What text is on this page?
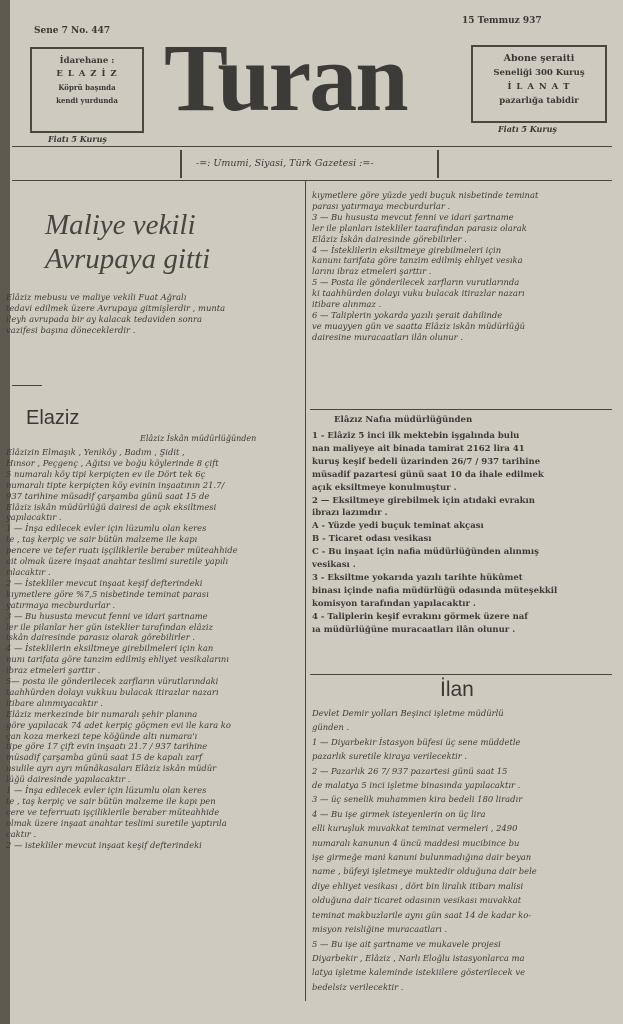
Sene 7 No. 447
15 Temmuz 937
İdarehane :
E L A Z İ Z
Köprü başında
kendi yurdunda
Fiatı 5 Kuruş
Turan	Abone şeraiti
Seneliği 300 Kuruş
İ L A N A T
pazarlığa tabidir
Fiatı 5 Kuruş
-=: Umumi, Siyasi, Türk Gazetesi :=-
Maliye vekili
Avrupaya gitti
Elâziz mebusu ve maliye vekili Fuat Ağralı
tedavi edilmek üzere Avrupaya gitmişlerdir , munta
ileyh avrupada bir ay kalacak tedaviden sonra
vazifesi başına döneceklerdir .
Elaziz
Elâziz İskân müdürlüğünden
Elâzizin Elmaşık , Yeniköy , Badım , Şidit ,
Hınsor , Peçgenç , Ağıtsı ve boğu köylerinde 8 çift
5 numaralı köy tipi kerpiçten ev ile Dört tek 6ç
numaralı tipte kerpiçten köy evinin inşaatının 21.7/
937 tarihine müsadif çarşamba günü saat 15 de
Elâziz iskân müdürlüğü dairesi de açık eksiltmesi
yapılacaktır .
1 — İnşa edilecek evler için lüzumlu olan keres
te , taş kerpiç ve sair bütün malzeme ile kapı
pencere ve tefer ruatı işçiliklerile beraber müteahhide
ait olmak üzere inşaat anahtar teslimi suretile yapılı
rılacaktır .
2 — İstekliler mevcut inşaat keşif defterindeki
kıymetlere göre %7,5 nisbetinde teminat parası
yatırmaya mecburdurlar .
3 — Bu hususta mevcut fenni ve idari şartname
ler ile pilanlar her gün isteklier tarafından elâziz
iskân dairesinde parasız olarak görebilirler .
4 — İsteklilerin eksiltmeye girebilmeleri için kan
nunı tarifata göre tanzim edilmiş ehliyet vesikalarını
ibraz etmeleri şarttır .
5— posta ile gönderilecek zarfların vürutlarındaki
taahhürden dolayı vukkuu bulacak itirazlar nazarı
itibare alınmıyacaktır .
Elâziz merkezinde bir numaralı şehir planına
göre yapılacak 74 adet kerpiç göçmen evi ile kara ko
çan koza merkezi tepe köğünde altı numara'ı
tipe göre 17 çift evin inşaatı 21.7 / 937 tarihine
müsadif çarşamba günü saat 15 de kapalı zarf
usulile ayrı ayrı münâkasaları Elâziz iskân müdür
lüğü dairesinde yapılacaktır .
1 — İnşa edilecek evler için lüzumlu olan keres
te , taş kerpiç ve sair bütün malzeme ile kapı pen
cere ve teferruatı işçiliklerile beraber müteahhide
olmak üzere inşaat anahtar teslimi suretile yaptırıla
caktır .
2 — istekliler mevcut inşaat keşif defterindeki
kıymetlere göre yüzde yedi buçuk nisbetinde teminat
parası yatırmaya mecburdurlar .
3 — Bu hususta mevcut fenni ve idari şartname
ler ile planları istekliler taarafından parasız olarak
Elâziz İskân dairesinde görebilirler .
4 — İsteklilerin eksiltmeye girebilmeleri için
kanunı tarifata göre tanzim edilmiş ehliyet vesıka
larını ibraz etmeleri şarttır .
5 — Posta ile gönderilecek zarfların vurutlarında
ki taahhürden dolayı vuku bulacak itirazlar nazarı
itibare alınmaz .
6 — Taliplerin yokarda yazılı şerait dahilinde
ve muayyen gün ve saatta Elâziz iskân müdürlüğü
dairesine muracaatları ilân olunur .
Elâzız Nafıa müdürlüğünden
1 - Elâziz 5 inci ilk mektebin işgalında bulu
nan maliyeye ait binada tamirat 2162 lira 41
kuruş keşif bedeli üzarinden 26/7 / 937 tarihine
müsadif pazartesi günü saat 10 da ihale edilmek
açık eksiltmeye konulmuştur .
2 — Eksiltmeye girebilmek için atıdaki evrakın
ibrazı lazımdır .
A - Yüzde yedi buçuk teminat akçası
B - Ticaret odası vesikası
C - Bu inşaat için nafia müdürlüğünden alınmış
vesikası .
3 - Eksiltme yokarıda yazılı tarihte hükûmet
binası içinde nafia müdürlüğü odasında müteşekkil
komisyon tarafından yapılacaktır .
4 - Taliplerin keşif evrakını görmek üzere naf
ıa müdürlüğüne muracaatları ilân olunur .
İlan
Devlet Demir yolları Beşinci işletme müdürlü
günden .
1 — Diyarbekir İstasyon büfesi üç sene müddetle
pazarlık suretile kiraya verilecektir .
2 — Pazarlık 26 7/ 937 pazartesi günü saat 15
de malatya 5 inci işletme binasında yapılacaktır .
3 — üç senelik muhammen kira bedeli 180 liradır
4 — Bu işe girmek isteyenlerin on üç lira
elli kuruşluk muvakkat teminat vermeleri , 2490
numaralı kanunun 4 üncü maddesi mucibince bu
işe girmeğe mani kanuni bulunmadığına dair beyan
name , büfeyi işletmeye muktedir olduğuna dair bele
diye ehliyet vesikası , dört bin liralık itibarı malisi
olduğuna dair ticaret odasının vesikası muvakkat
teminat makbuzlarile aynı gün saat 14 de kadar ko-
misyon reisliğine muracaatları .
5 — Bu işe ait şartname ve mukavele projesi
Diyarbekir , Elâziz , Narlı Eloğlu istasyonlarca ma
latya işletme kaleminde istekiilere gösterilecek ve
bedelsiz verilecektir .
